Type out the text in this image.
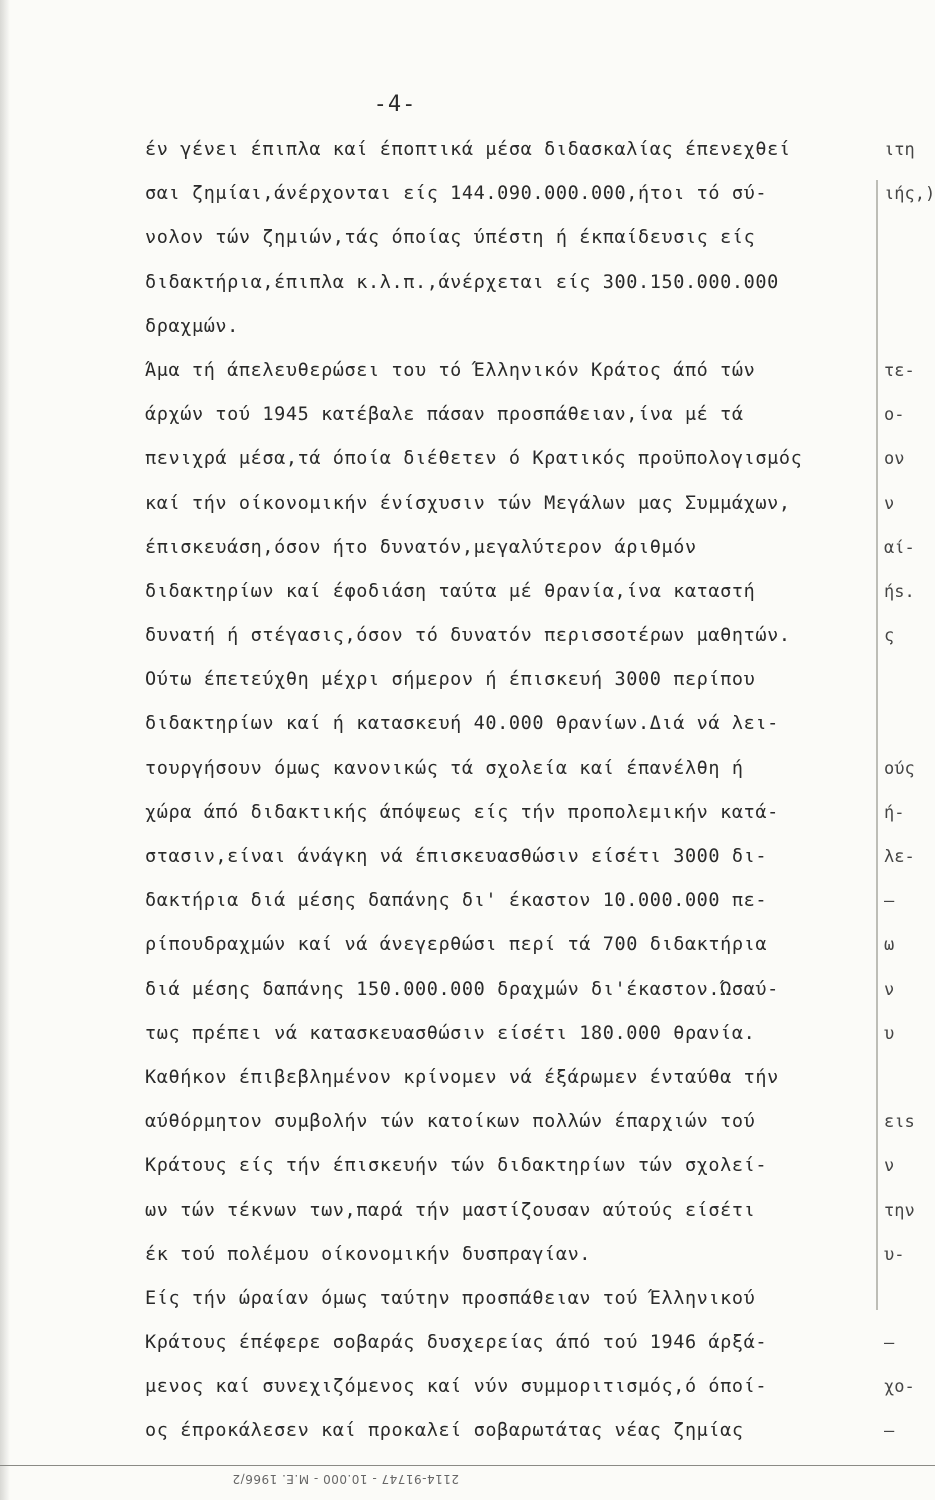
-4-
έν γένει έπιπλα καί έποπτικά μέσα διδασκαλίας έπενεχθεί
σαι ζημίαι,άνέρχονται είς 144.090.000.000,ήτοι τό σύ-
νολον τών ζημιών,τάς όποίας ύπέστη ή έκπαίδευσις είς
διδακτήρια,έπιπλα κ.λ.π.,άνέρχεται είς 300.150.000.000
δραχμών.
Άμα τή άπελευθερώσει του τό Έλληνικόν Κράτος άπό τών
άρχών τού 1945 κατέβαλε πάσαν προσπάθειαν,ίνα μέ τά
πενιχρά μέσα,τά όποία διέθετεν ό Κρατικός προϋπολογισμός
καί τήν οίκονομικήν ένίσχυσιν τών Μεγάλων μας Συμμάχων,
έπισκευάση,όσον ήτο δυνατόν,μεγαλύτερον άριθμόν
διδακτηρίων καί έφοδιάση ταύτα μέ θρανία,ίνα καταστή
δυνατή ή στέγασις,όσον τό δυνατόν περισσοτέρων μαθητών.
Ούτω έπετεύχθη μέχρι σήμερον ή έπισκευή 3000 περίπου
διδακτηρίων καί ή κατασκευή 40.000 θρανίων.Διά νά λει-
τουργήσουν όμως κανονικώς τά σχολεία καί έπανέλθη ή
χώρα άπό διδακτικής άπόψεως είς τήν προπολεμικήν κατά-
στασιν,είναι άνάγκη νά έπισκευασθώσιν είσέτι 3000 δι-
δακτήρια διά μέσης δαπάνης δι' έκαστον 10.000.000 πε-
ρίπουδραχμών καί νά άνεγερθώσι περί τά 700 διδακτήρια
διά μέσης δαπάνης 150.000.000 δραχμών δι'έκαστον.Ώσαύ-
τως πρέπει νά κατασκευασθώσιν είσέτι 180.000 θρανία.
Καθήκον έπιβεβλημένον κρίνομεν νά έξάρωμεν ένταύθα τήν
αύθόρμητον συμβολήν τών κατοίκων πολλών έπαρχιών τού
Κράτους είς τήν έπισκευήν τών διδακτηρίων τών σχολεί-
ων τών τέκνων των,παρά τήν μαστίζουσαν αύτούς είσέτι
έκ τού πολέμου οίκονομικήν δυσπραγίαν.
Είς τήν ώραίαν όμως ταύτην προσπάθειαν τού Έλληνικού
Κράτους έπέφερε σοβαράς δυσχερείας άπό τού 1946 άρξά-
μενος καί συνεχιζόμενος καί νύν συμμοριτισμός,ό όποί-
ος έπροκάλεσεν καί προκαλεί σοβαρωτάτας νέας ζημίας
ιτη
ιής,)
τε-
ο-
ον
ν
αί-
ήs.
ς
ούς
ή-
λε-
–
ω
ν
υ
ειs
ν
την
υ-
–
χο-
–
2114-91747 - 10.000 - Μ.Ε. 1966/2
